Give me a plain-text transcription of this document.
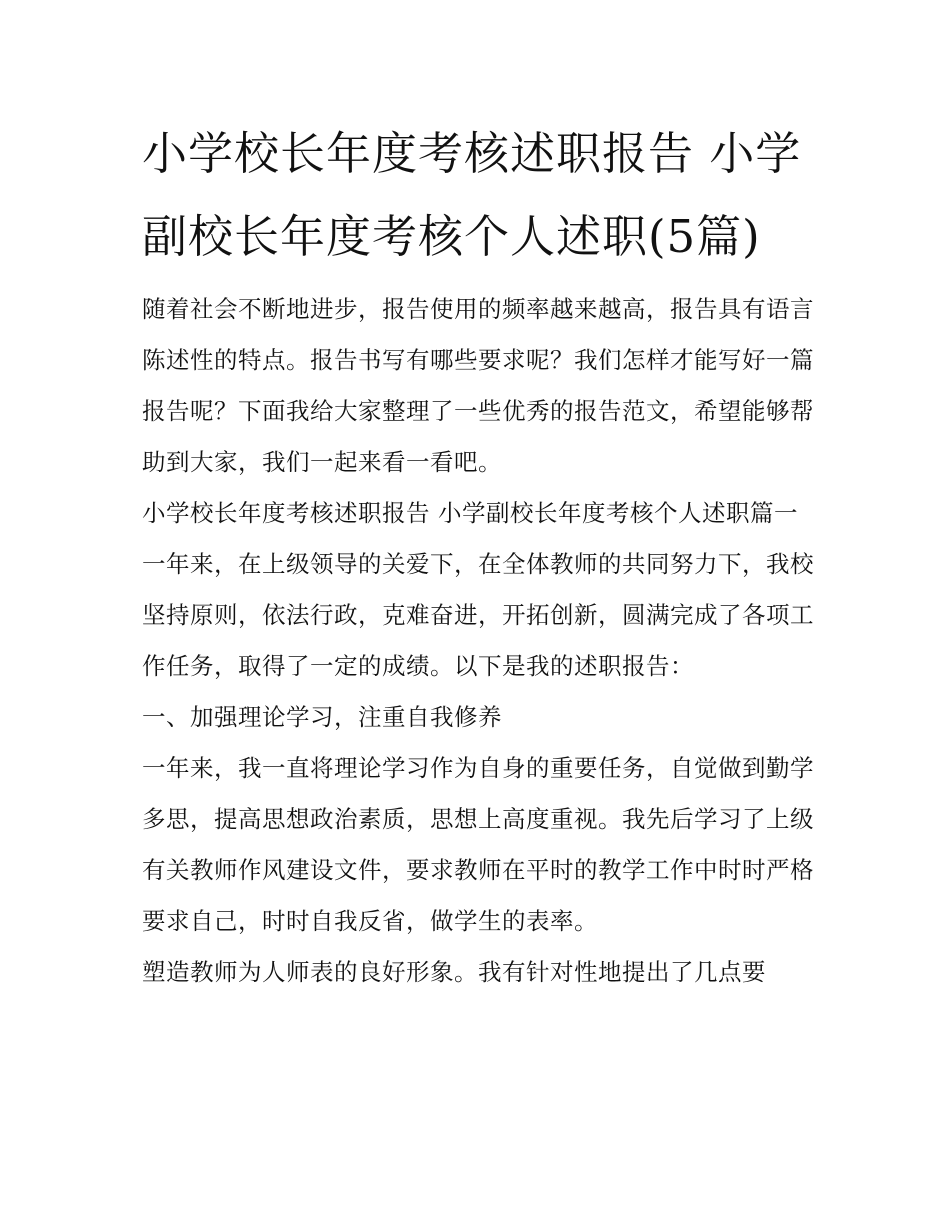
小学校长年度考核述职报告 小学副校长年度考核个人述职(5篇)

随着社会不断地进步，报告使用的频率越来越高，报告具有语言陈述性的特点。报告书写有哪些要求呢？我们怎样才能写好一篇报告呢？下面我给大家整理了一些优秀的报告范文，希望能够帮助到大家，我们一起来看一看吧。

小学校长年度考核述职报告 小学副校长年度考核个人述职篇一

一年来，在上级领导的关爱下，在全体教师的共同努力下，我校坚持原则，依法行政，克难奋进，开拓创新，圆满完成了各项工作任务，取得了一定的成绩。以下是我的述职报告：

一、加强理论学习，注重自我修养

一年来，我一直将理论学习作为自身的重要任务，自觉做到勤学多思，提高思想政治素质，思想上高度重视。我先后学习了上级有关教师作风建设文件，要求教师在平时的教学工作中时时严格要求自己，时时自我反省，做学生的表率。

塑造教师为人师表的良好形象。我有针对性地提出了几点要
